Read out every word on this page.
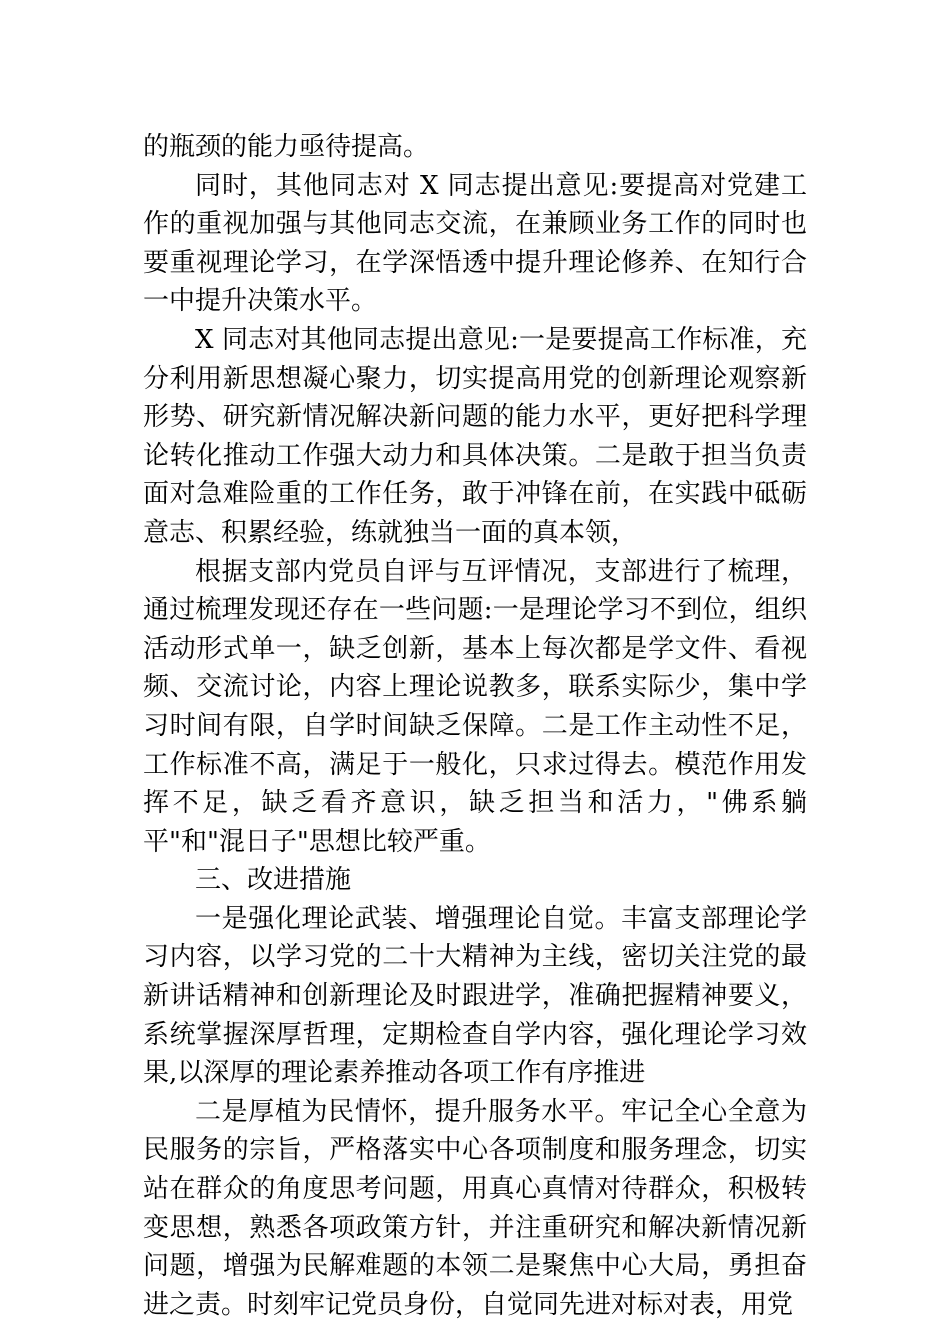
的瓶颈的能力亟待提高。

同时，其他同志对 X 同志提出意见:要提高对党建工作的重视加强与其他同志交流，在兼顾业务工作的同时也要重视理论学习，在学深悟透中提升理论修养、在知行合一中提升决策水平。

X 同志对其他同志提出意见:一是要提高工作标准，充分利用新思想凝心聚力，切实提高用党的创新理论观察新形势、研究新情况解决新问题的能力水平，更好把科学理论转化推动工作强大动力和具体决策。二是敢于担当负责面对急难险重的工作任务，敢于冲锋在前，在实践中砥砺意志、积累经验，练就独当一面的真本领，

根据支部内党员自评与互评情况，支部进行了梳理，通过梳理发现还存在一些问题:一是理论学习不到位，组织活动形式单一，缺乏创新，基本上每次都是学文件、看视频、交流讨论，内容上理论说教多，联系实际少，集中学习时间有限，自学时间缺乏保障。二是工作主动性不足，工作标准不高，满足于一般化，只求过得去。模范作用发挥不足，缺乏看齐意识，缺乏担当和活力，"佛系躺平"和"混日子"思想比较严重。

三、改进措施

一是强化理论武装、增强理论自觉。丰富支部理论学习内容，以学习党的二十大精神为主线，密切关注党的最新讲话精神和创新理论及时跟进学，准确把握精神要义，系统掌握深厚哲理，定期检查自学内容，强化理论学习效果,以深厚的理论素养推动各项工作有序推进

二是厚植为民情怀，提升服务水平。牢记全心全意为民服务的宗旨，严格落实中心各项制度和服务理念，切实站在群众的角度思考问题，用真心真情对待群众，积极转变思想，熟悉各项政策方针，并注重研究和解决新情况新问题，增强为民解难题的本领二是聚焦中心大局，勇担奋进之责。时刻牢记党员身份，自觉同先进对标对表，用党
